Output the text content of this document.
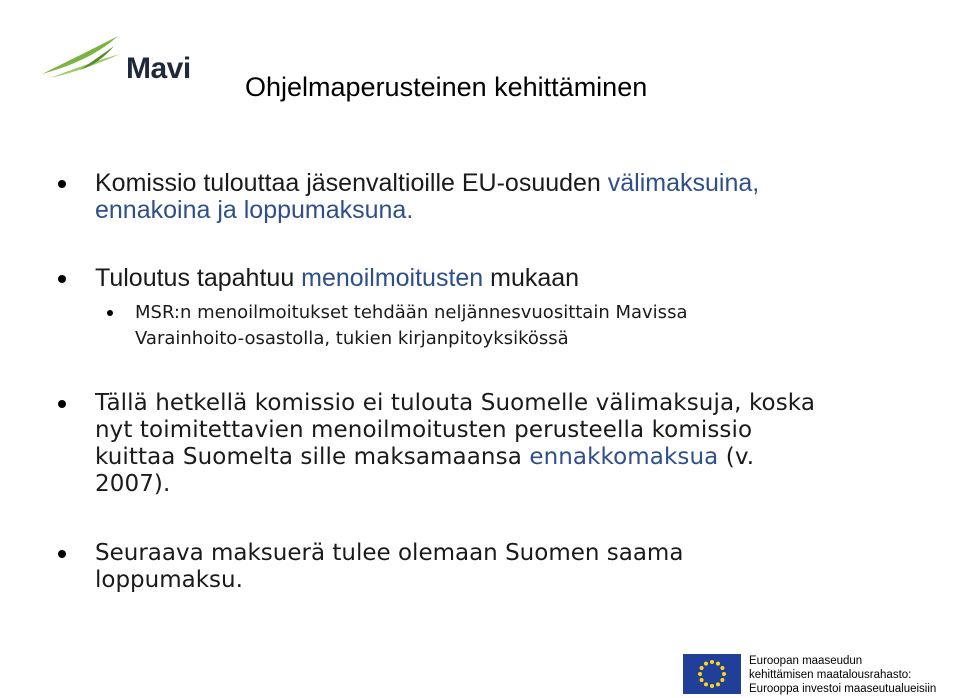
Mavi
Ohjelmaperusteinen kehittäminen
Komissio tulouttaa jäsenvaltioille EU-osuuden välimaksuina,
ennakoina ja loppumaksuna.
Tuloutus tapahtuu menoilmoitusten mukaan
MSR:n menoilmoitukset tehdään neljännesvuosittain Mavissa
Varainhoito-osastolla, tukien kirjanpitoyksikössä
Tällä hetkellä komissio ei tulouta Suomelle välimaksuja, koska
nyt toimitettavien menoilmoitusten perusteella komissio
kuittaa Suomelta sille maksamaansa ennakkomaksua (v.
2007).
Seuraava maksuerä tulee olemaan Suomen saama
loppumaksu.
Euroopan maaseudun
kehittämisen maatalousrahasto:
Eurooppa investoi maaseutualueisiin
